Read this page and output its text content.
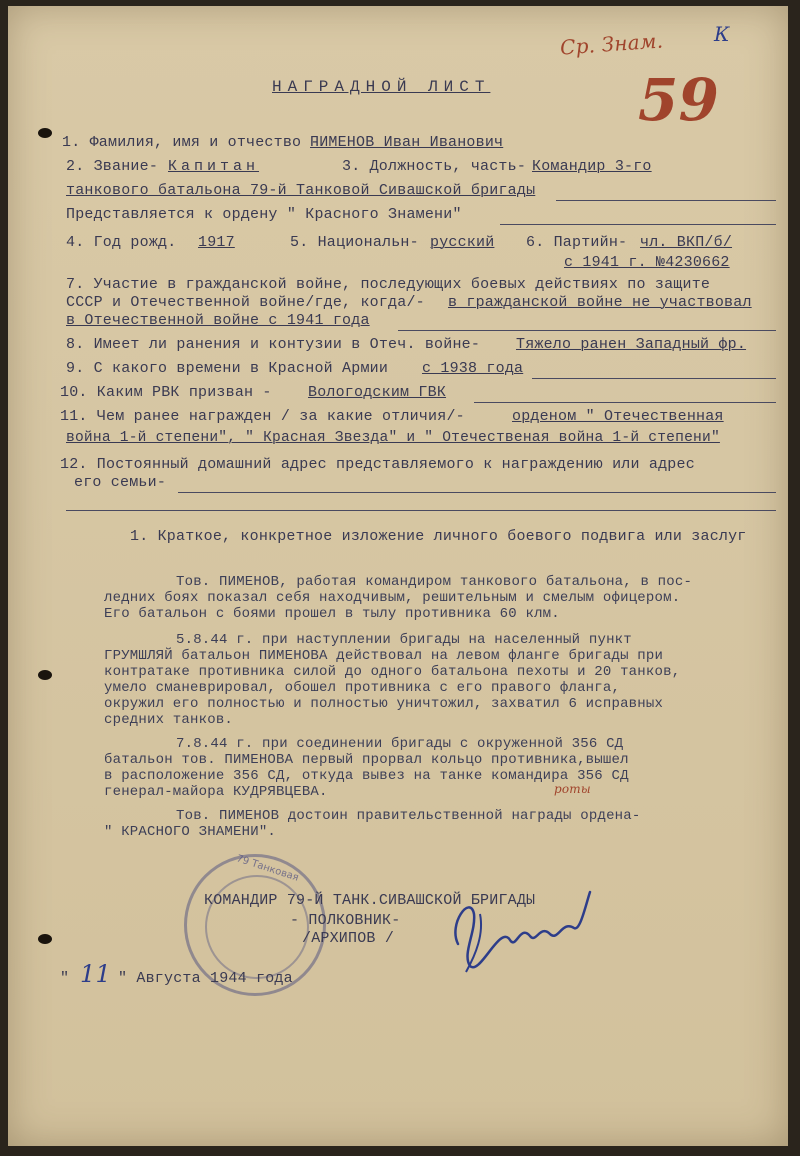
Ср. Знам.	К
59
НАГРАДНОЙ ЛИСТ
1. Фамилия, имя и отчество -
ПИМЕНОВ Иван Иванович
2. Звание- Капитан	3. Должность, часть- Командир 3-го
танкового батальона 79-й Танковой Сивашской бригады
Представляется к ордену " Красного Знамени"
4. Год рожд. 1917	5. Национальн- русский 6. Партийн- чл. ВКП/б/
с 1941 г. №4230662
7. Участие в гражданской войне, последующих боевых действиях по защите
СССР и Отечественной войне/где, когда/- в гражданской войне не участвовал
в Отечественной войне с 1941 года
8. Имеет ли ранения и контузии в Отеч. войне- Тяжело ранен Западный фр.
9. С какого времени в Красной Армии с 1938 года
10. Каким РВК призван - Вологодским ГВК
11. Чем ранее награжден / за какие отличия/-	орденом " Отечественная
война 1-й степени", " Красная Звезда" и " Отечественая война 1-й степени"
12. Постоянный домашний адрес представляемого к награждению или адрес
его семьи-
1. Краткое, конкретное изложение личного боевого подвига или заслуг
Тов. ПИМЕНОВ, работая командиром танкового батальона, в пос-
ледних боях показал себя находчивым, решительным и смелым офицером.
Его батальон с боями прошел в тылу противника 60 клм.
5.8.44 г. при наступлении бригады на населенный пункт
ГРУМШЛЯЙ батальон ПИМЕНОВА действовал на левом фланге бригады при
контратаке противника силой до одного батальона пехоты и 20 танков,
умело сманеврировал, обошел противника с его правого фланга,
окружил его полностью и полностью уничтожил, захватил 6 исправных
средних танков.
7.8.44 г. при соединении бригады с окруженной 356 СД
батальон тов. ПИМЕНОВА первый прорвал кольцо противника,вышел
в расположение 356 СД, откуда вывез на танке командира 356 СД
роты
генерал-майора КУДРЯВЦЕВА.
Тов. ПИМЕНОВ достоин правительственной награды ордена-
" КРАСНОГО ЗНАМЕНИ".
79 Танковая
КОМАНДИР 79-Й ТАНК.СИВАШСКОЙ БРИГАДЫ
- ПОЛКОВНИК-
/АРХИПОВ /
" 11 " Августа 1944 года
